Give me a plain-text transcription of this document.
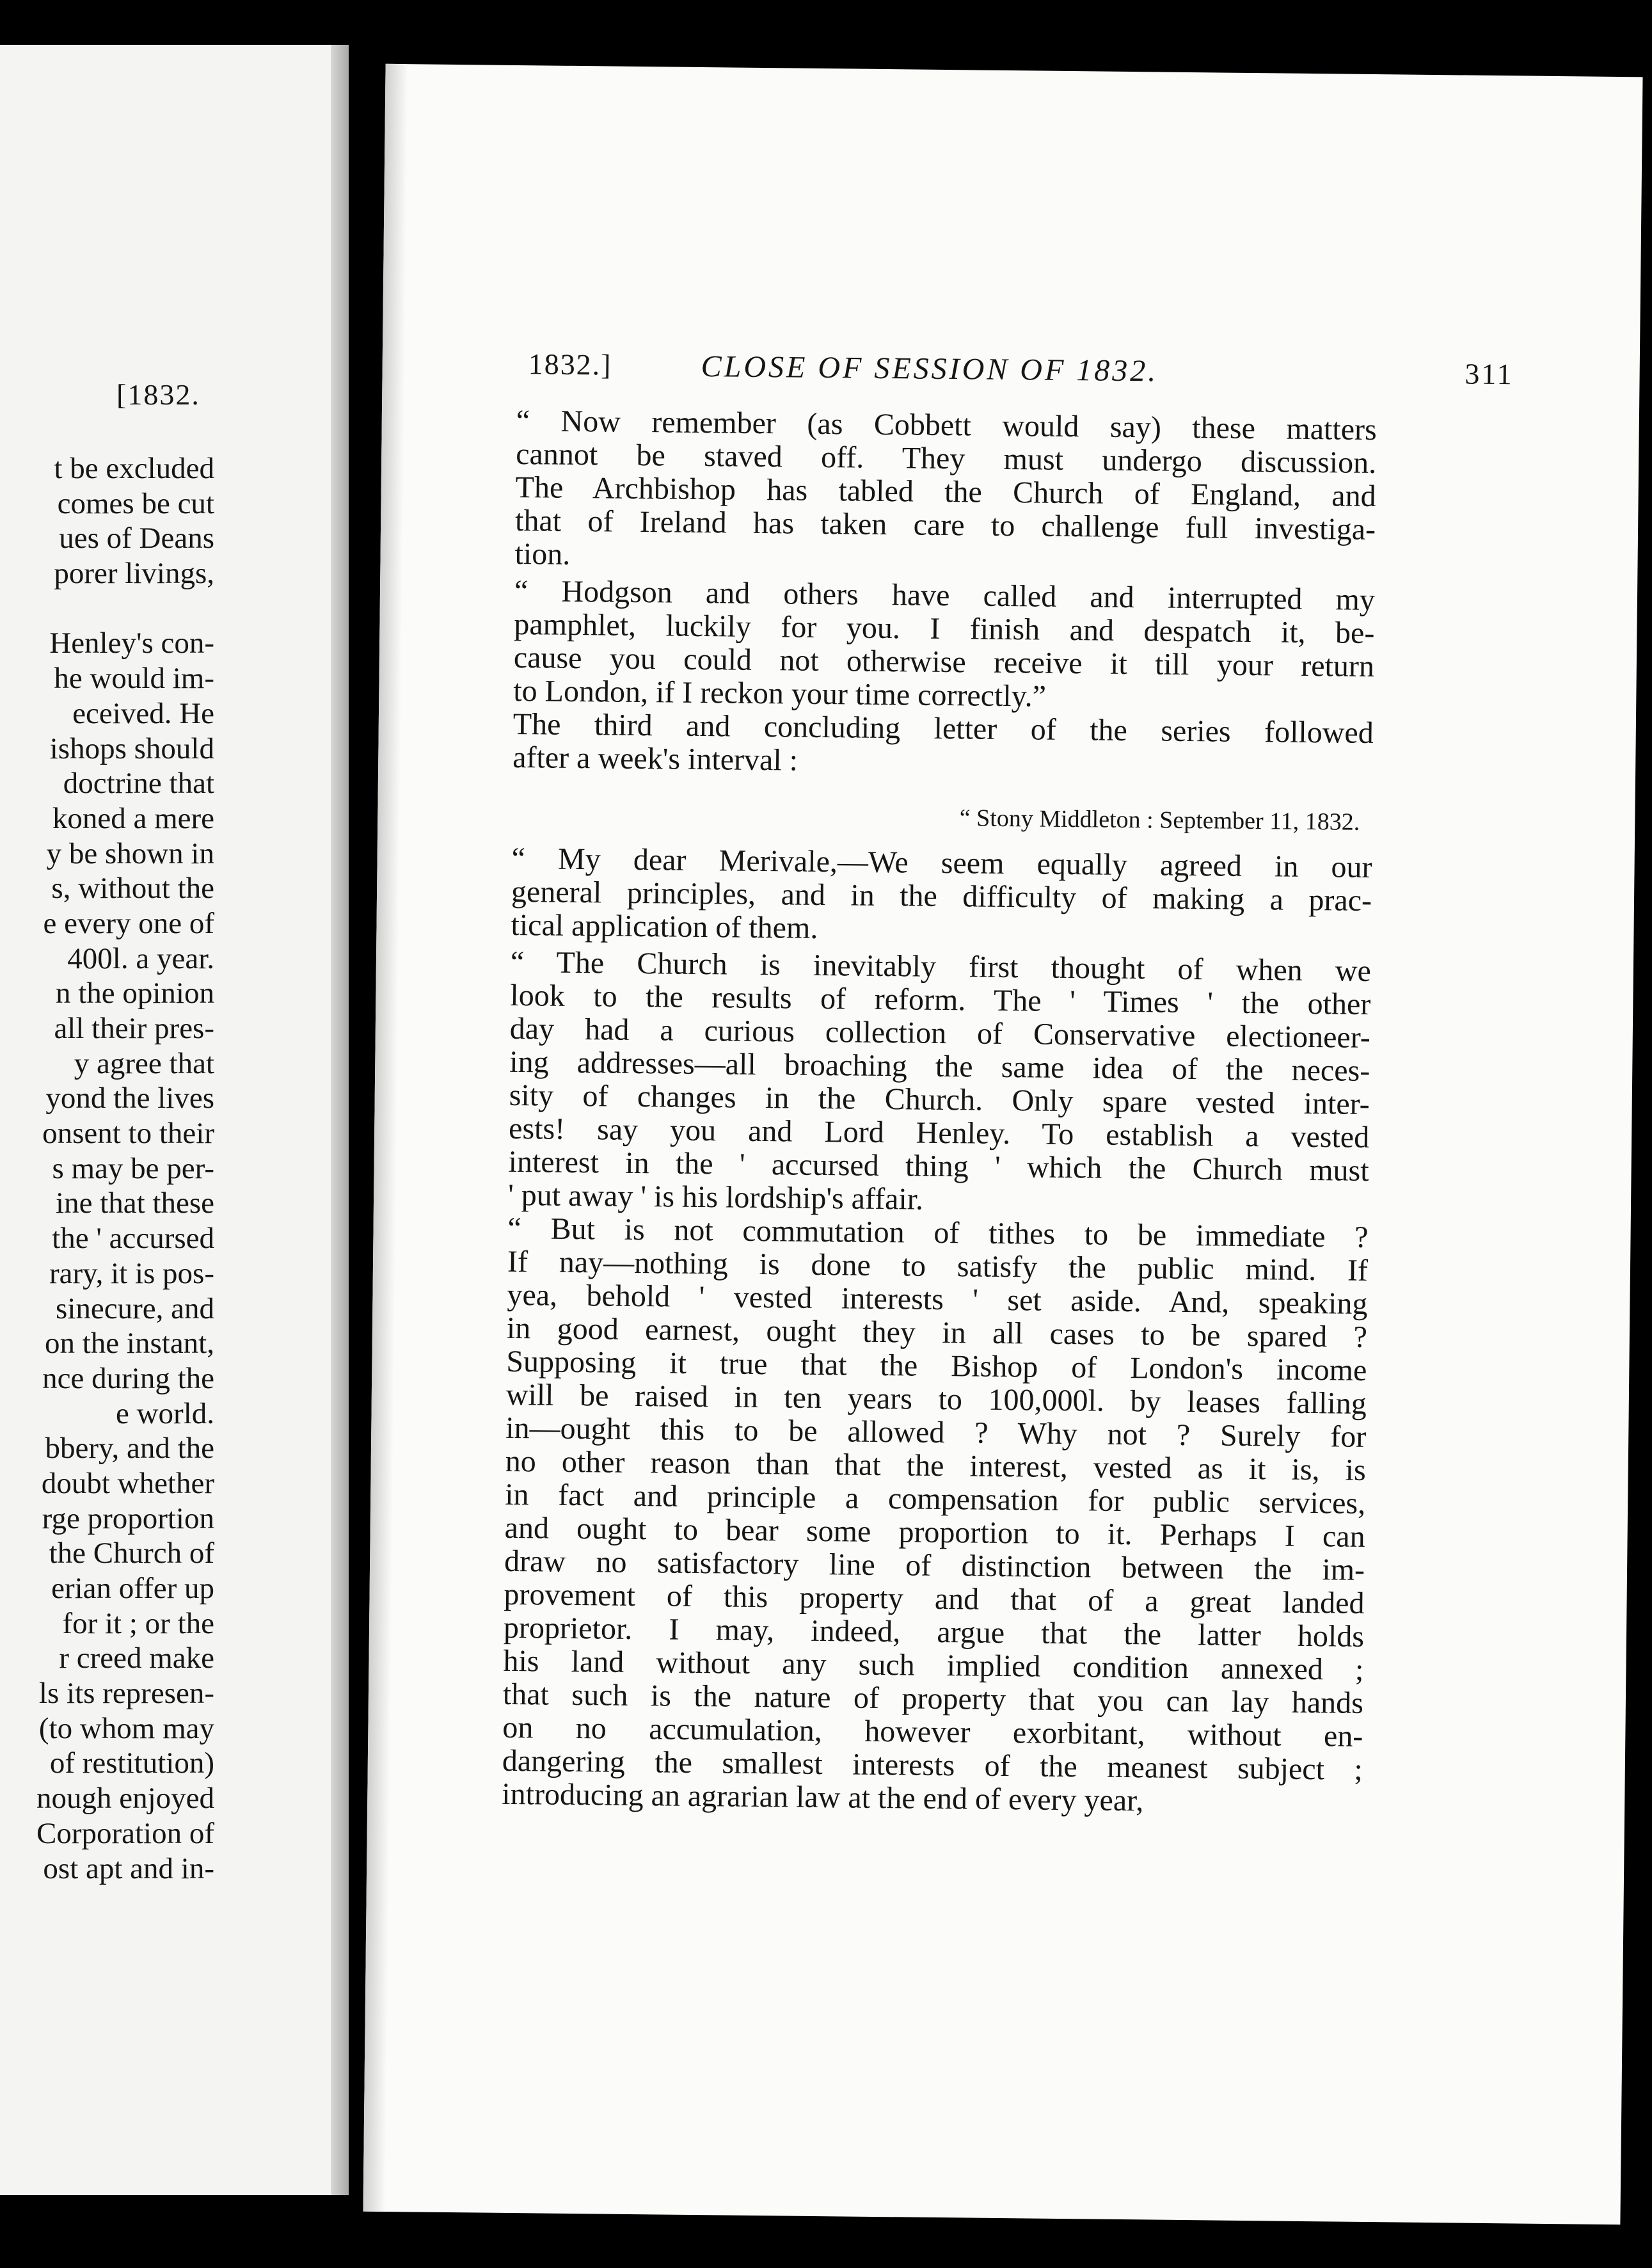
[1832.
t be excluded
comes be cut
ues of Deans
porer livings,

Henley's con-
he would im-
eceived. He
ishops should
doctrine that
koned a mere
y be shown in
s, without the
e every one of
400l. a year.
n the opinion
all their pres-
y agree that
yond the lives
onsent to their
s may be per-
ine that these
the ' accursed
rary, it is pos-
sinecure, and
on the instant,
nce during the
e world.
bbery, and the
doubt whether
rge proportion
the Church of
erian offer up
for it ; or the
r creed make
ls its represen-
(to whom may
of restitution)
nough enjoyed
Corporation of
ost apt and in-
1832.]	CLOSE OF SESSION OF 1832.	311
“ Now remember (as Cobbett would say) these matters
cannot be staved off. They must undergo discussion.
The Archbishop has tabled the Church of England, and
that of Ireland has taken care to challenge full investiga-
tion.
“ Hodgson and others have called and interrupted my
pamphlet, luckily for you. I finish and despatch it, be-
cause you could not otherwise receive it till your return
to London, if I reckon your time correctly.”
The third and concluding letter of the series followed
after a week's interval :
“ Stony Middleton : September 11, 1832.
“ My dear Merivale,—We seem equally agreed in our
general principles, and in the difficulty of making a prac-
tical application of them.
“ The Church is inevitably first thought of when we
look to the results of reform. The ' Times ' the other
day had a curious collection of Conservative electioneer-
ing addresses—all broaching the same idea of the neces-
sity of changes in the Church. Only spare vested inter-
ests! say you and Lord Henley. To establish a vested
interest in the ' accursed thing ' which the Church must
' put away ' is his lordship's affair.
“ But is not commutation of tithes to be immediate ?
If nay—nothing is done to satisfy the public mind. If
yea, behold ' vested interests ' set aside. And, speaking
in good earnest, ought they in all cases to be spared ?
Supposing it true that the Bishop of London's income
will be raised in ten years to 100,000l. by leases falling
in—ought this to be allowed ? Why not ? Surely for
no other reason than that the interest, vested as it is, is
in fact and principle a compensation for public services,
and ought to bear some proportion to it. Perhaps I can
draw no satisfactory line of distinction between the im-
provement of this property and that of a great landed
proprietor. I may, indeed, argue that the latter holds
his land without any such implied condition annexed ;
that such is the nature of property that you can lay hands
on no accumulation, however exorbitant, without en-
dangering the smallest interests of the meanest subject ;
introducing an agrarian law at the end of every year,
